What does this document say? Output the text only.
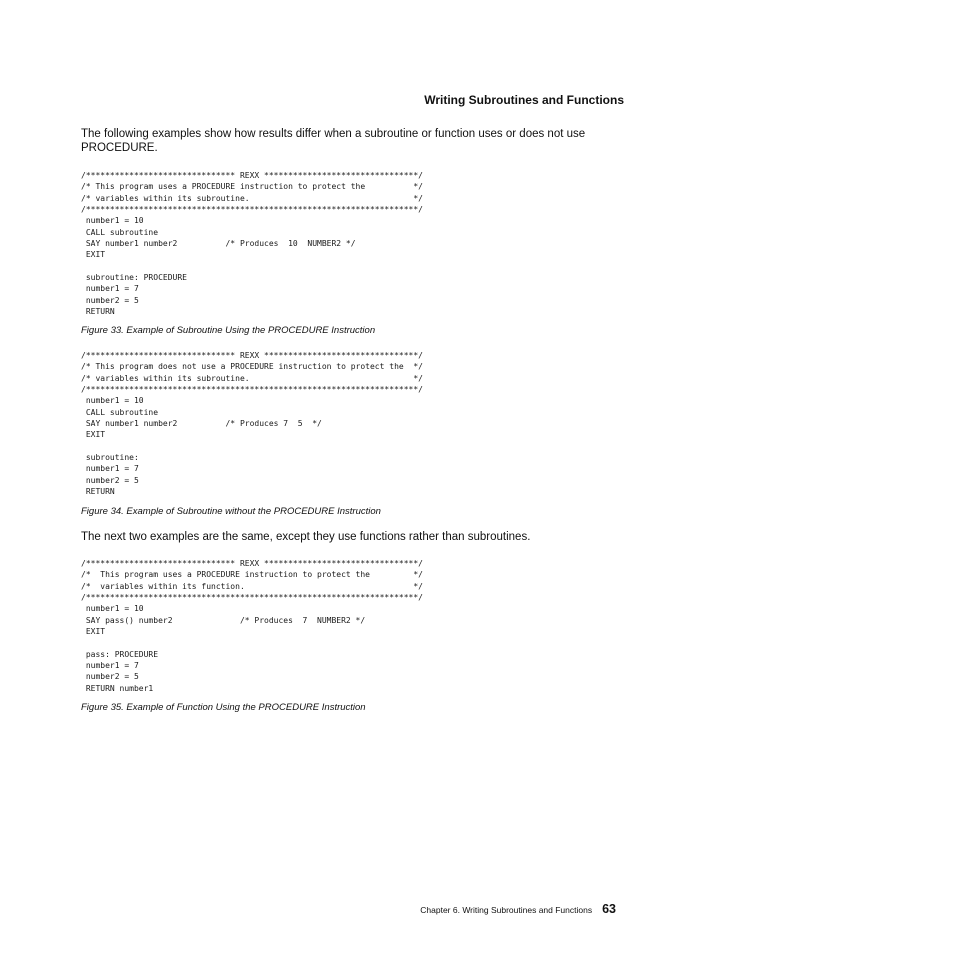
Writing Subroutines and Functions
The following examples show how results differ when a subroutine or function uses or does not use PROCEDURE.
/******************************* REXX ********************************/
/* This program uses a PROCEDURE instruction to protect the          */
/* variables within its subroutine.                                  */
/*********************************************************************/
number1 = 10
CALL subroutine
SAY number1 number2          /* Produces  10  NUMBER2 */
EXIT

subroutine: PROCEDURE
number1 = 7
number2 = 5
RETURN
Figure 33. Example of Subroutine Using the PROCEDURE Instruction
/******************************* REXX ********************************/
/* This program does not use a PROCEDURE instruction to protect the  */
/* variables within its subroutine.                                  */
/*********************************************************************/
number1 = 10
CALL subroutine
SAY number1 number2          /* Produces 7  5  */
EXIT

subroutine:
number1 = 7
number2 = 5
RETURN
Figure 34. Example of Subroutine without the PROCEDURE Instruction
The next two examples are the same, except they use functions rather than subroutines.
/******************************* REXX ********************************/
/*  This program uses a PROCEDURE instruction to protect the         */
/*  variables within its function.                                   */
/*********************************************************************/
number1 = 10
SAY pass() number2              /* Produces  7  NUMBER2 */
EXIT

pass: PROCEDURE
number1 = 7
number2 = 5
RETURN number1
Figure 35. Example of Function Using the PROCEDURE Instruction
Chapter 6. Writing Subroutines and Functions 63
